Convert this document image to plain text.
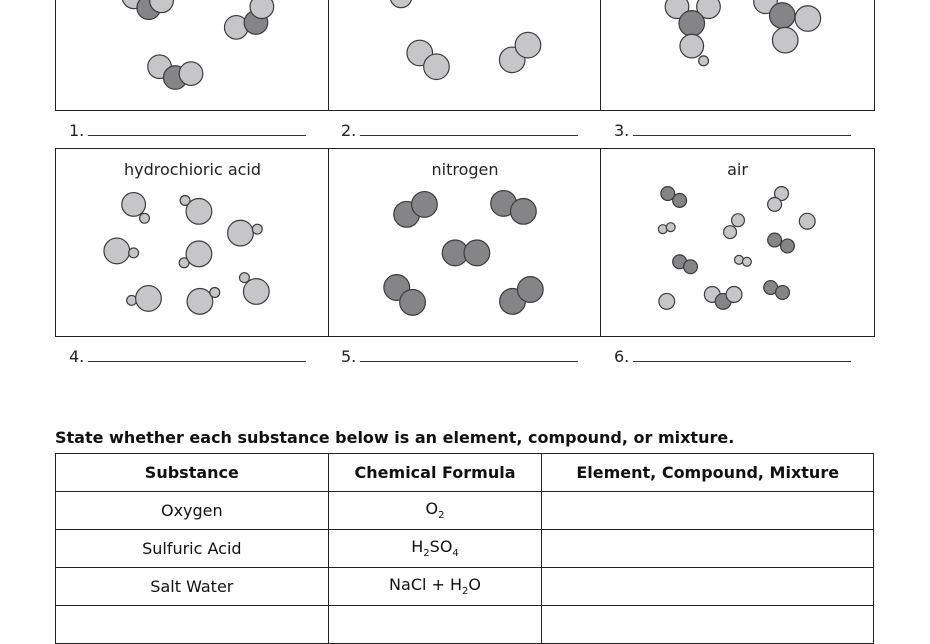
1.	2.	3.
hydrochioric acid	nitrogen	air
4.	5.	6.
State whether each substance below is an element, compound, or mixture.
Substance	Chemical Formula	Element, Compound, Mixture
Oxygen	$O_2$	
Sulfuric Acid	$H_2SO_4$	
Salt Water	NaCl + $H_2O$	
